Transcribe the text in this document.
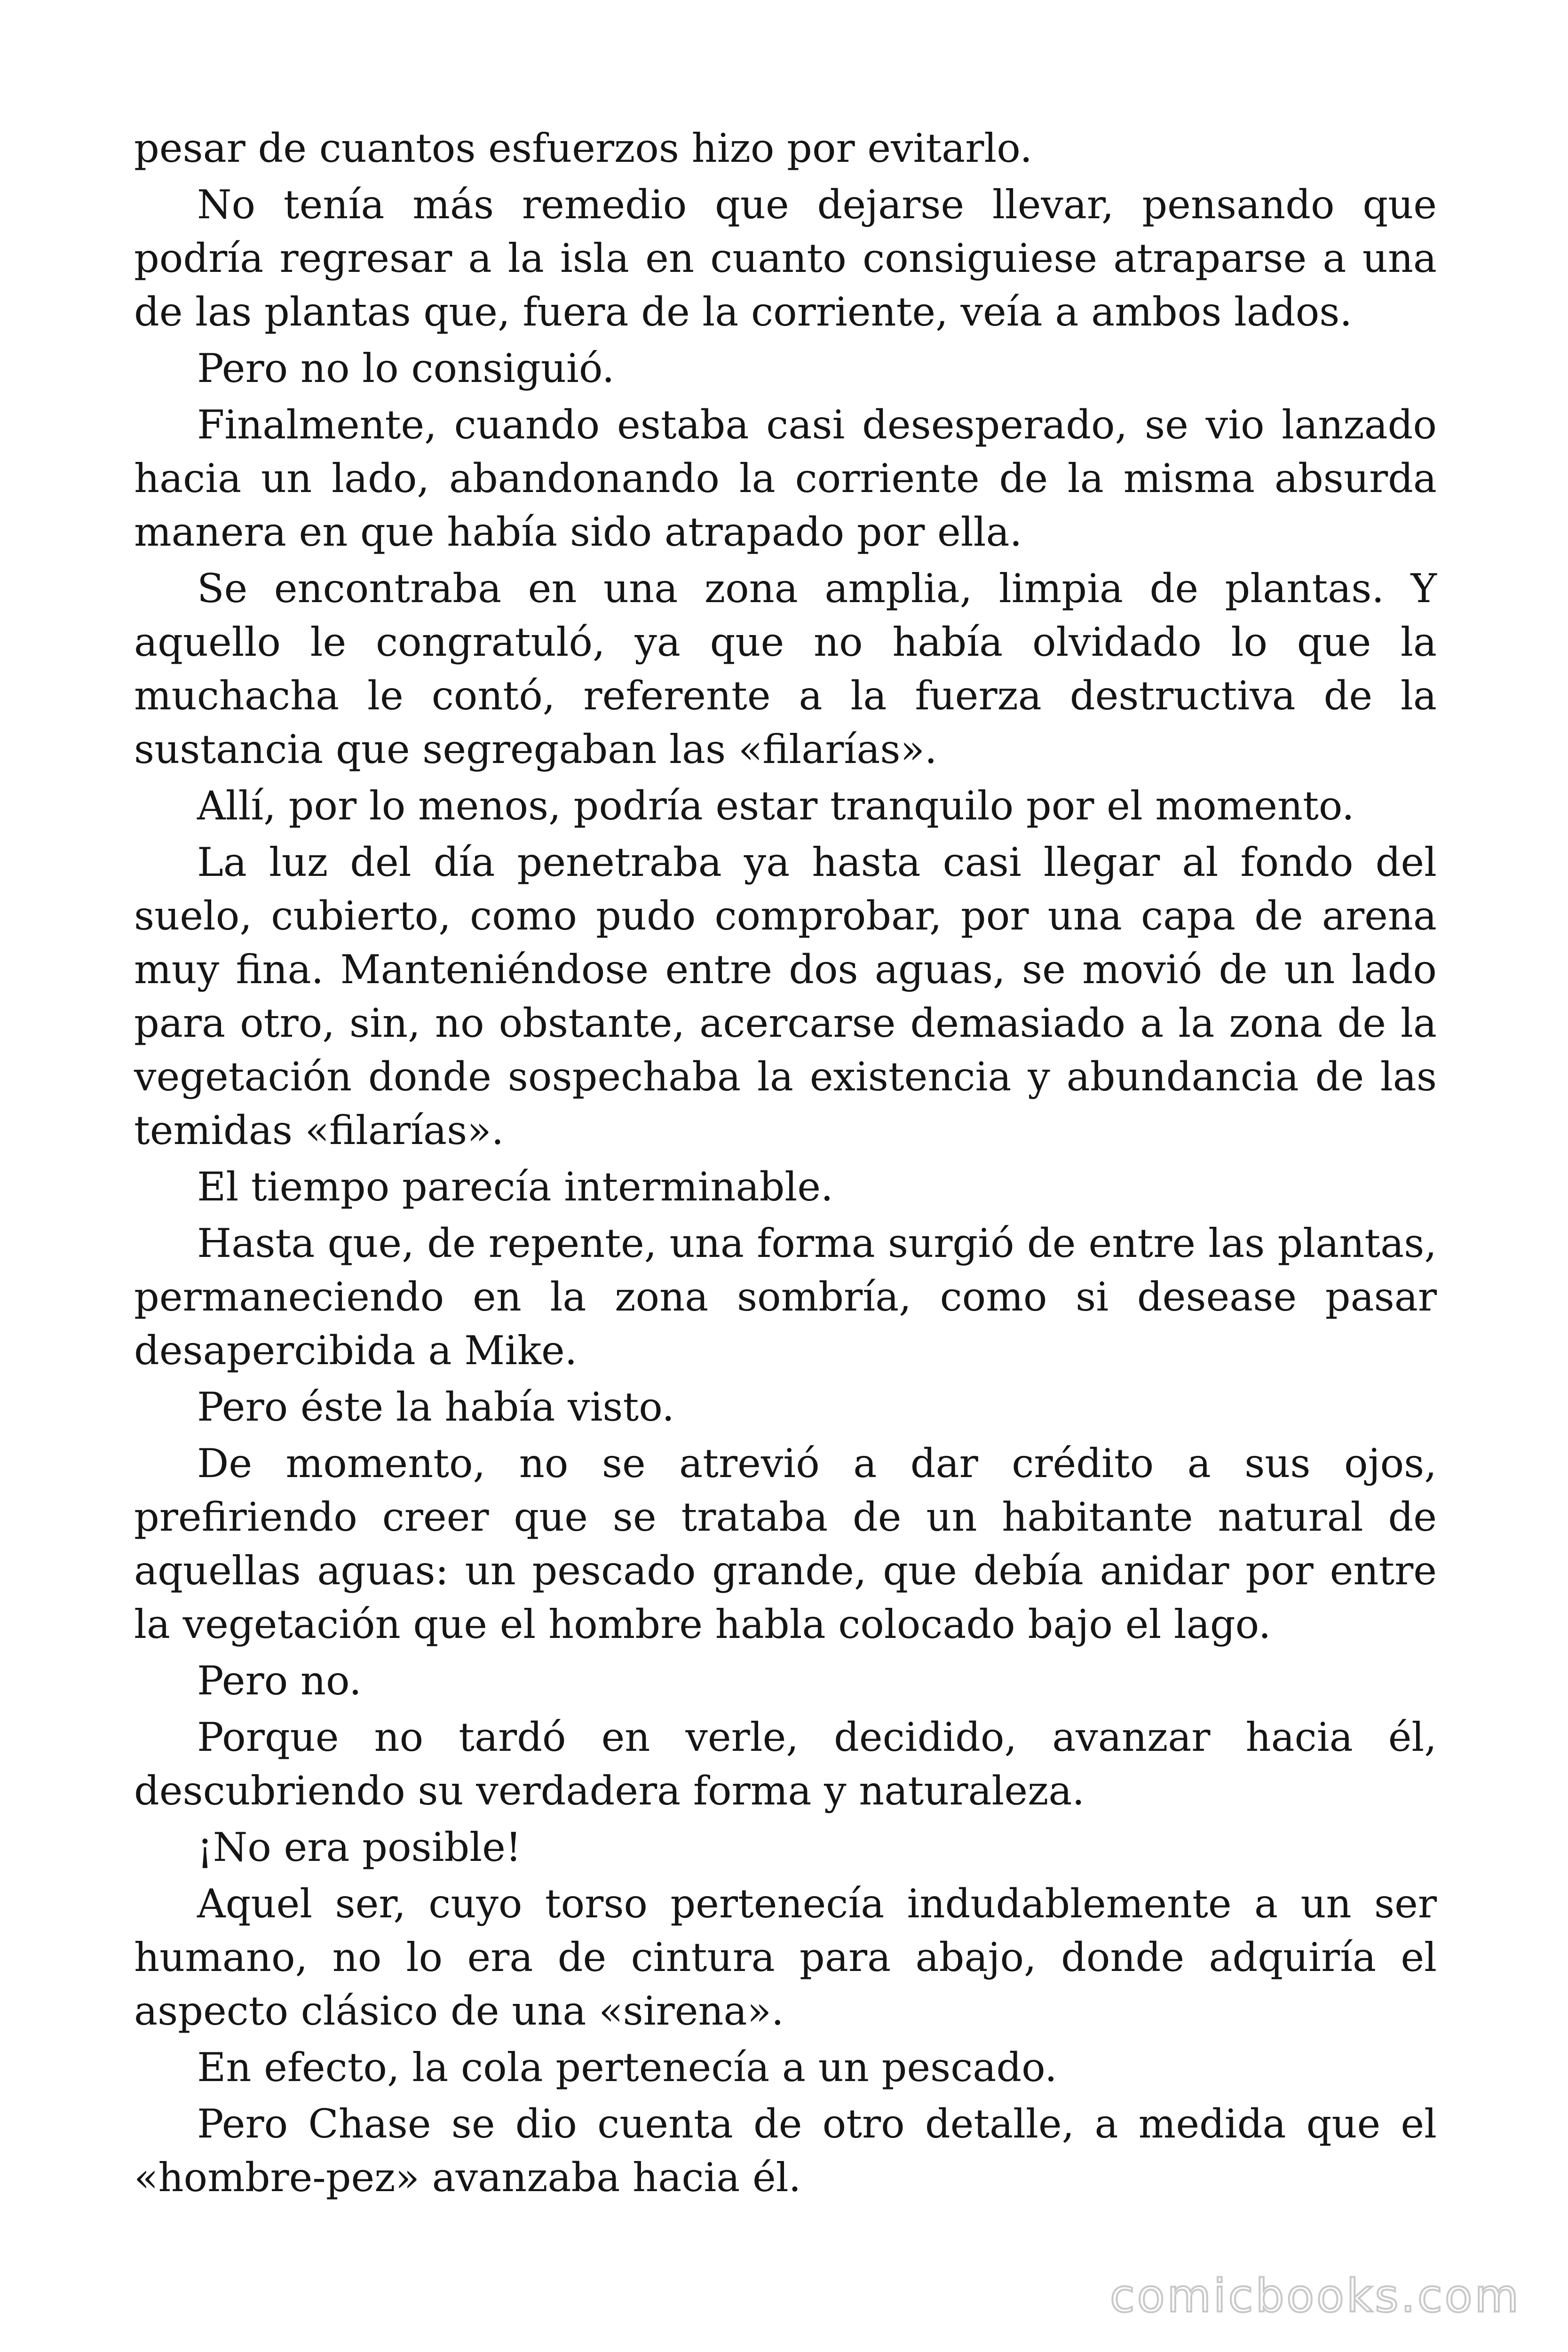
pesar de cuantos esfuerzos hizo por evitarlo.

No tenía más remedio que dejarse llevar, pensando que podría regresar a la isla en cuanto consiguiese atraparse a una de las plantas que, fuera de la corriente, veía a ambos lados.

Pero no lo consiguió.

Finalmente, cuando estaba casi desesperado, se vio lanzado hacia un lado, abandonando la corriente de la misma absurda manera en que había sido atrapado por ella.

Se encontraba en una zona amplia, limpia de plantas. Y aquello le congratuló, ya que no había olvidado lo que la muchacha le contó, referente a la fuerza destructiva de la sustancia que segregaban las «filarías».

Allí, por lo menos, podría estar tranquilo por el momento.

La luz del día penetraba ya hasta casi llegar al fondo del suelo, cubierto, como pudo comprobar, por una capa de arena muy fina. Manteniéndose entre dos aguas, se movió de un lado para otro, sin, no obstante, acercarse demasiado a la zona de la vegetación donde sospechaba la existencia y abundancia de las temidas «filarías».

El tiempo parecía interminable.

Hasta que, de repente, una forma surgió de entre las plantas, permaneciendo en la zona sombría, como si desease pasar desapercibida a Mike.

Pero éste la había visto.

De momento, no se atrevió a dar crédito a sus ojos, prefiriendo creer que se trataba de un habitante natural de aquellas aguas: un pescado grande, que debía anidar por entre la vegetación que el hombre habla colocado bajo el lago.

Pero no.

Porque no tardó en verle, decidido, avanzar hacia él, descubriendo su verdadera forma y naturaleza.

¡No era posible!

Aquel ser, cuyo torso pertenecía indudablemente a un ser humano, no lo era de cintura para abajo, donde adquiría el aspecto clásico de una «sirena».

En efecto, la cola pertenecía a un pescado.

Pero Chase se dio cuenta de otro detalle, a medida que el «hombre-pez» avanzaba hacia él.

comicbooks.com
